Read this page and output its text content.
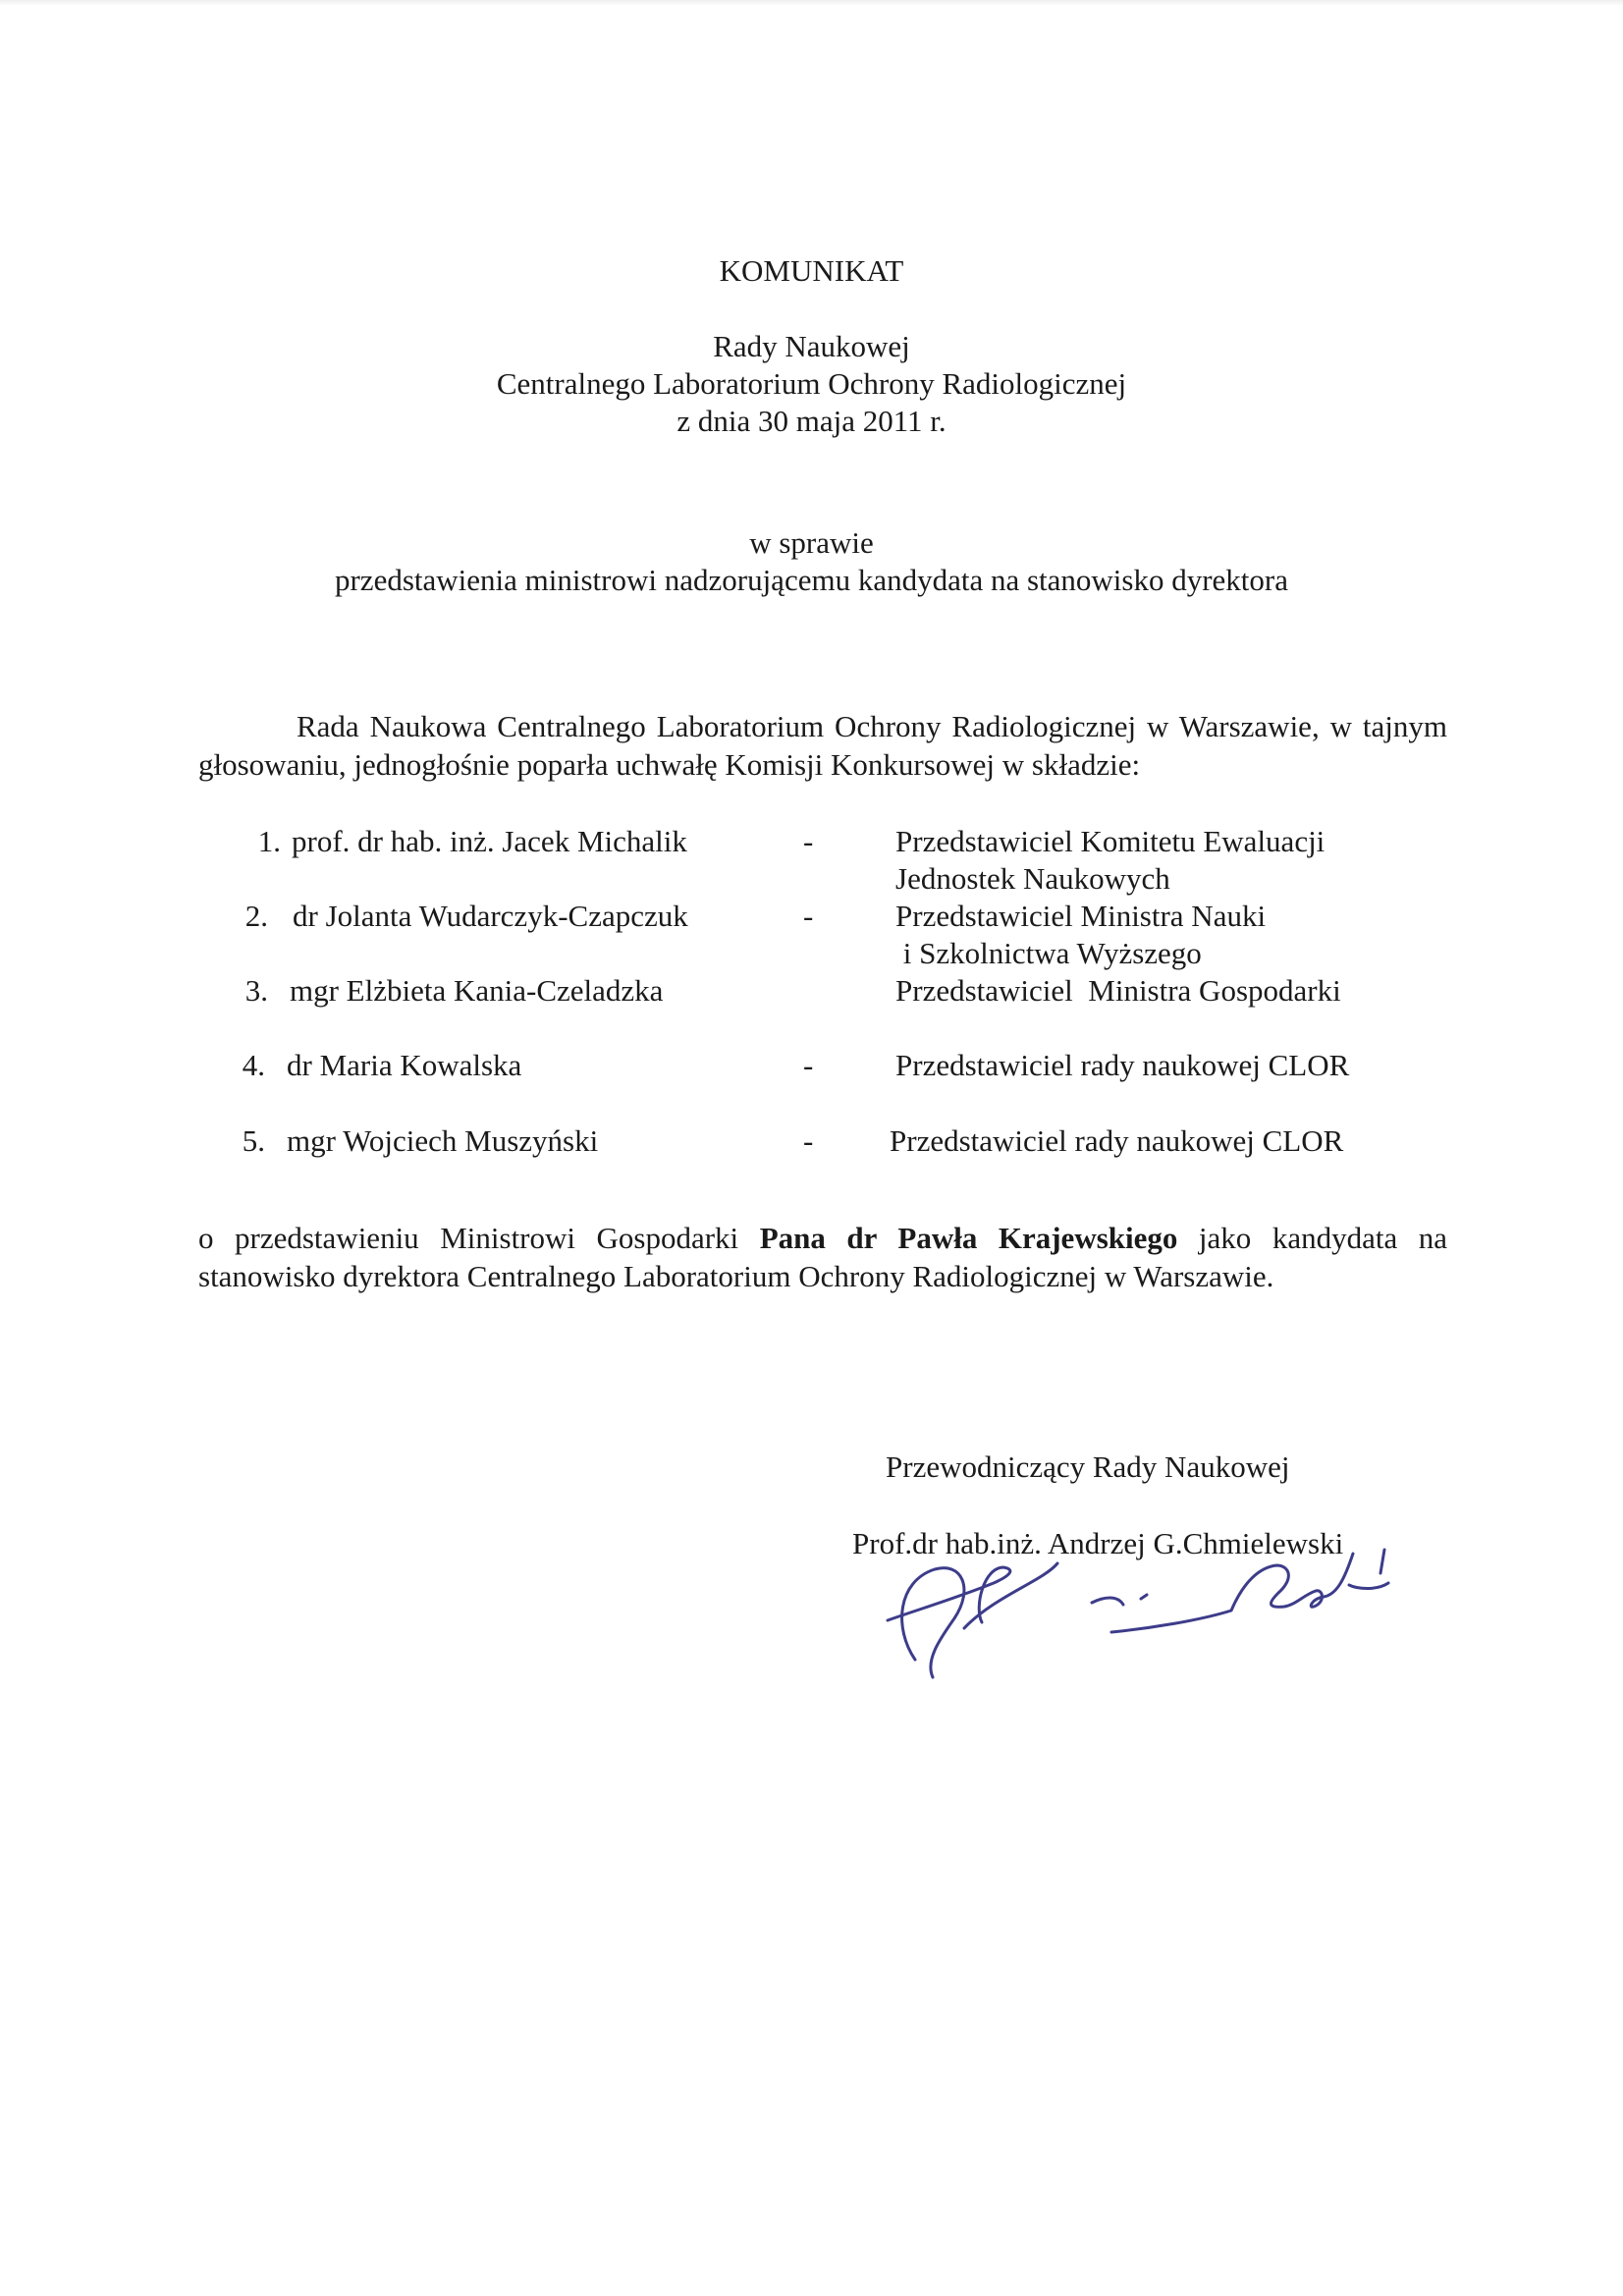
KOMUNIKAT
Rady Naukowej
Centralnego Laboratorium Ochrony Radiologicznej
z dnia 30 maja 2011 r.
w sprawie
przedstawienia ministrowi nadzorującemu kandydata na stanowisko dyrektora
Rada Naukowa Centralnego Laboratorium Ochrony Radiologicznej w Warszawie, w tajnym głosowaniu, jednogłośnie poparła uchwałę Komisji Konkursowej w składzie:
1. prof. dr hab. inż. Jacek Michalik	-	Przedstawiciel Komitetu Ewaluacji
Jednostek Naukowych
2. dr Jolanta Wudarczyk-Czapczuk	-	Przedstawiciel Ministra Nauki
i Szkolnictwa Wyższego
3. mgr Elżbieta Kania-Czeladzka	Przedstawiciel  Ministra Gospodarki
4. dr Maria Kowalska	-	Przedstawiciel rady naukowej CLOR
5. mgr Wojciech Muszyński	-	Przedstawiciel rady naukowej CLOR
o przedstawieniu Ministrowi Gospodarki Pana dr Pawła Krajewskiego jako kandydata na stanowisko dyrektora Centralnego Laboratorium Ochrony Radiologicznej w Warszawie.
Przewodniczący Rady Naukowej
Prof.dr hab.inż. Andrzej G.Chmielewski
